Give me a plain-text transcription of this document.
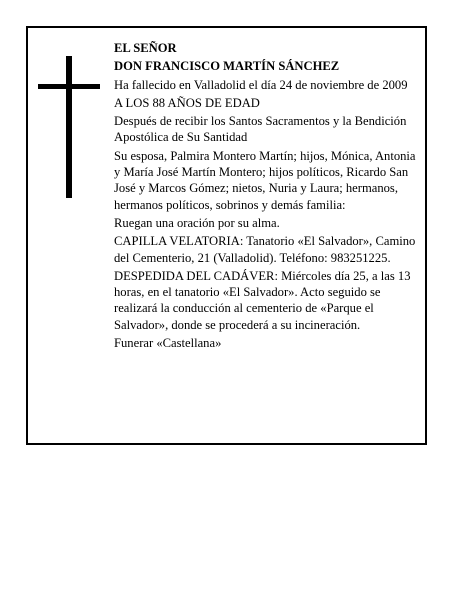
EL SEÑOR

DON FRANCISCO MARTÍN SÁNCHEZ

Ha fallecido en Valladolid el día 24 de noviembre de 2009

A LOS 88 AÑOS DE EDAD

Después de recibir los Santos Sacramentos y la Bendición Apostólica de Su Santidad

Su esposa, Palmira Montero Martín; hijos, Mónica, Antonia y María José Martín Montero; hijos políticos, Ricardo San José y Marcos Gómez; nietos, Nuria y Laura; hermanos, hermanos políticos, sobrinos y demás familia:

Ruegan una oración por su alma.

CAPILLA VELATORIA: Tanatorio «El Salvador», Camino del Cementerio, 21 (Valladolid). Teléfono: 983251225.

DESPEDIDA DEL CADÁVER: Miércoles día 25, a las 13 horas, en el tanatorio «El Salvador». Acto seguido se realizará la conducción al cementerio de «Parque el Salvador», donde se procederá a su incineración.

Funerar «Castellana»
